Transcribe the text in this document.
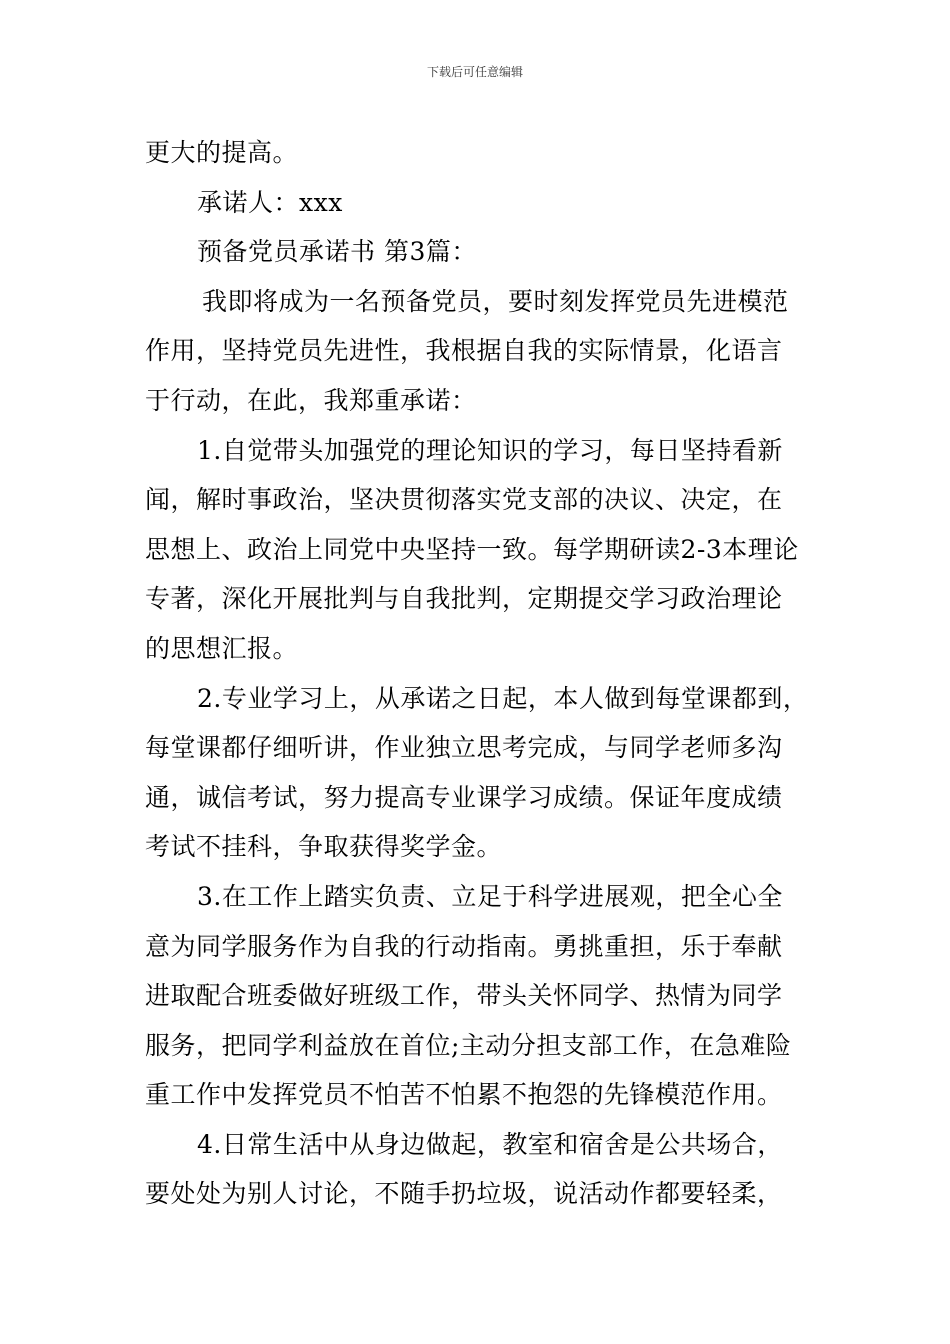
下载后可任意编辑
更大的提高。
承诺人：xxx
预备党员承诺书 第3篇：
我即将成为一名预备党员，要时刻发挥党员先进模范
作用，坚持党员先进性，我根据自我的实际情景，化语言
于行动，在此，我郑重承诺：
1.自觉带头加强党的理论知识的学习，每日坚持看新
闻，解时事政治，坚决贯彻落实党支部的决议、决定，在
思想上、政治上同党中央坚持一致。每学期研读2-3本理论
专著，深化开展批判与自我批判，定期提交学习政治理论
的思想汇报。
2.专业学习上，从承诺之日起，本人做到每堂课都到，
每堂课都仔细听讲，作业独立思考完成，与同学老师多沟
通，诚信考试，努力提高专业课学习成绩。保证年度成绩
考试不挂科，争取获得奖学金。
3.在工作上踏实负责、立足于科学进展观，把全心全
意为同学服务作为自我的行动指南。勇挑重担，乐于奉献
进取配合班委做好班级工作，带头关怀同学、热情为同学
服务，把同学利益放在首位;主动分担支部工作，在急难险
重工作中发挥党员不怕苦不怕累不抱怨的先锋模范作用。
4.日常生活中从身边做起，教室和宿舍是公共场合，
要处处为别人讨论，不随手扔垃圾，说活动作都要轻柔，
